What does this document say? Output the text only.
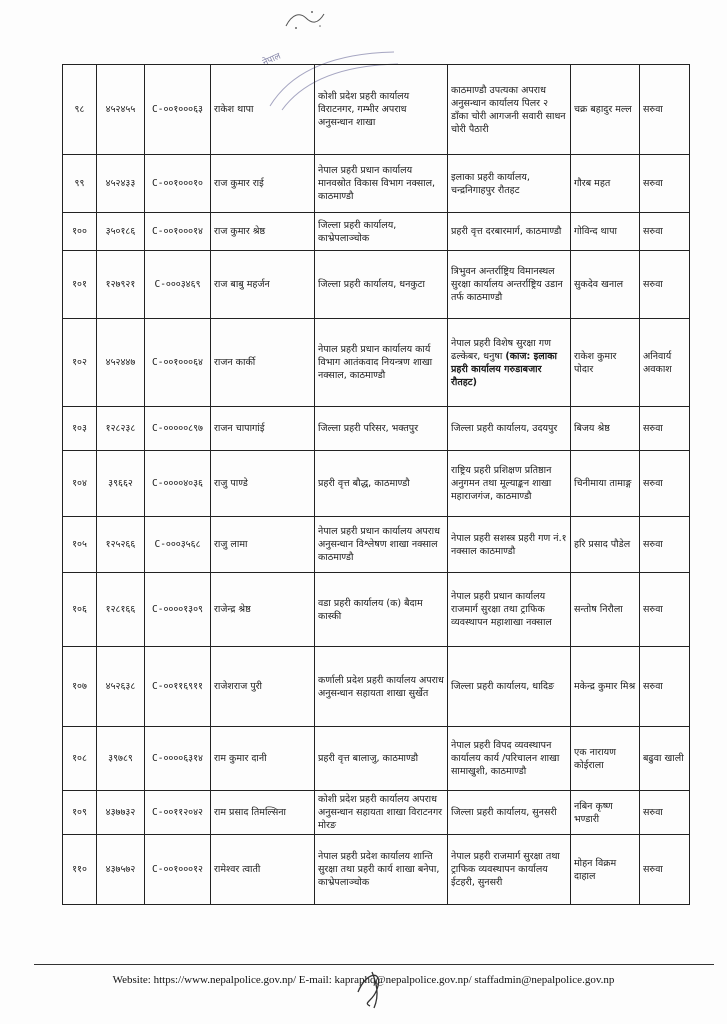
नेपाल
९८	४५२४५५	C-००१०००६३	राकेश थापा	कोशी प्रदेश प्रहरी कार्यालय विराटनगर, गम्भीर अपराध अनुसन्धान शाखा	काठमाण्डौ उपत्यका अपराध अनुसन्धान कार्यालय पिलर २ डाँका चोरी आगजनी सवारी साधन चोरी पैठारी	चक्र बहादुर मल्ल	सरुवा
९९	४५२४३३	C-००१०००१०	राज कुमार राई	नेपाल प्रहरी प्रधान कार्यालय मानवस्रोत विकास विभाग नक्साल, काठमाण्डौ	इलाका प्रहरी कार्यालय, चन्द्रनिगाहपुर रौतहट	गौरब महत	सरुवा
१००	३५०१८६	C-००१०००१४	राज कुमार श्रेष्ठ	जिल्ला प्रहरी कार्यालय, काभ्रेपलाञ्चोक	प्रहरी वृत्त दरबारमार्ग, काठमाण्डौ	गोविन्द थापा	सरुवा
१०१	१२७९२१	C-०००३४६९	राज बाबु महर्जन	जिल्ला प्रहरी कार्यालय, धनकुटा	त्रिभुवन अन्तर्राष्ट्रिय विमानस्थल सुरक्षा कार्यालय अन्तर्राष्ट्रिय उडान तर्फ काठमाण्डौ	सुकदेव खनाल	सरुवा
१०२	४५२४४७	C-००१०००६४	राजन कार्की	नेपाल प्रहरी प्रधान कार्यालय कार्य विभाग आतंकवाद नियन्त्रण शाखा नक्साल, काठमाण्डौ	नेपाल प्रहरी विशेष सुरक्षा गण ढल्केबर, धनुषा (काज: इलाका प्रहरी कार्यालय गरुडाबजार रौतहट)	राकेश कुमार पोदार	अनिवार्य अवकाश
१०३	१२८२३८	C-०००००८९७	राजन चापागांई	जिल्ला प्रहरी परिसर, भक्तपुर	जिल्ला प्रहरी कार्यालय, उदयपुर	बिजय श्रेष्ठ	सरुवा
१०४	३९६६२	C-००००४०३६	राजु पाण्डे	प्रहरी वृत्त बौद्ध, काठमाण्डौ	राष्ट्रिय प्रहरी प्रशिक्षण प्रतिष्ठान अनुगमन तथा मूल्याङ्कन शाखा महाराजगंज, काठमाण्डौ	चिनीमाया तामाङ्ग	सरुवा
१०५	१२५२६६	C-०००३५६८	राजु लामा	नेपाल प्रहरी प्रधान कार्यालय अपराध अनुसन्धान विश्लेषण शाखा नक्साल काठमाण्डौ	नेपाल प्रहरी सशस्त्र प्रहरी गण नं.१ नक्साल काठमाण्डौ	हरि प्रसाद पौडेल	सरुवा
१०६	१२८१६६	C-००००१३०९	राजेन्द्र श्रेष्ठ	वडा प्रहरी कार्यालय (क) बैदाम कास्की	नेपाल प्रहरी प्रधान कार्यालय राजमार्ग सुरक्षा तथा ट्राफिक व्यवस्थापन महाशाखा नक्साल	सन्तोष निरौला	सरुवा
१०७	४५२६३८	C-००११६९११	राजेशराज पुरी	कर्णाली प्रदेश प्रहरी कार्यालय अपराध अनुसन्धान सहायता शाखा सुर्खेत	जिल्ला प्रहरी कार्यालय, धादिङ	मकेन्द्र कुमार मिश्र	सरुवा
१०८	३९७८९	C-००००६३१४	राम कुमार दानी	प्रहरी वृत्त बालाजु, काठमाण्डौ	नेपाल प्रहरी विपद व्यवस्थापन कार्यालय कार्य /परिचालन शाखा सामाखुशी, काठमाण्डौ	एक नारायण कोईराला	बढुवा खाली
१०९	४३७७३२	C-००११२०४२	राम प्रसाद तिमल्सिना	कोशी प्रदेश प्रहरी कार्यालय अपराध अनुसन्धान सहायता शाखा विराटनगर मोरङ	जिल्ला प्रहरी कार्यालय, सुनसरी	नबिन कृष्ण भण्डारी	सरुवा
११०	४३७५७२	C-००१०००१२	रामेश्वर त्वाती	नेपाल प्रहरी प्रदेश कार्यालय शान्ति सुरक्षा तथा प्रहरी कार्य शाखा बनेपा, काभ्रेपलाञ्चोक	नेपाल प्रहरी राजमार्ग सुरक्षा तथा ट्राफिक व्यवस्थापन कार्यालय ईटहरी, सुनसरी	मोहन विक्रम दाहाल	सरुवा
Website: https://www.nepalpolice.gov.np/ E-mail: kapraphq@nepalpolice.gov.np/ staffadmin@nepalpolice.gov.np
